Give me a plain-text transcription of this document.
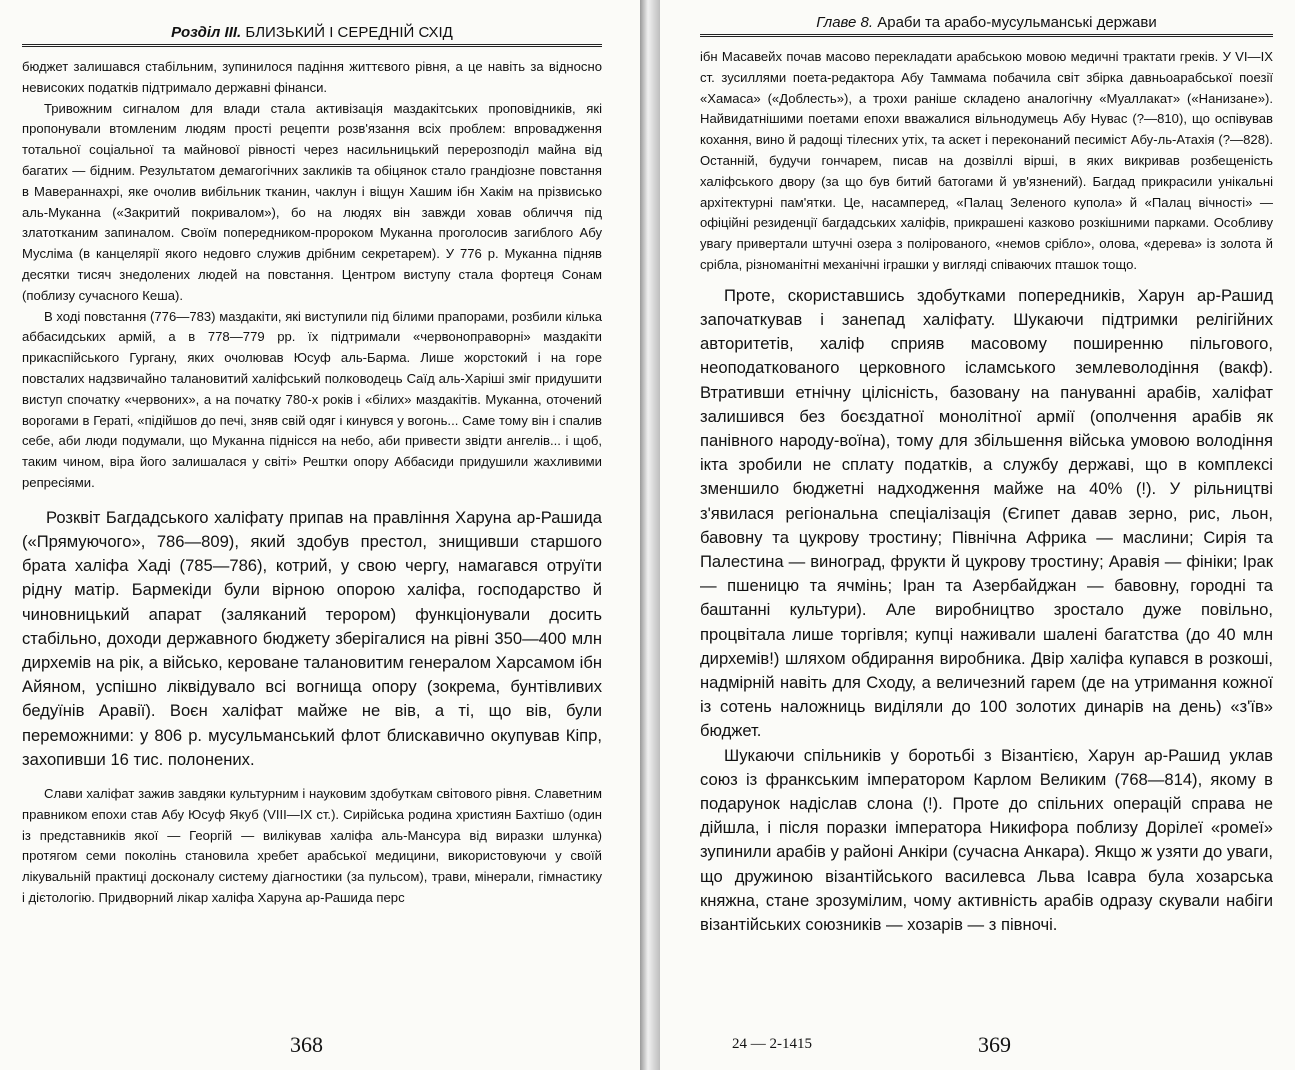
Розділ III. БЛИЗЬКИЙ І СЕРЕДНІЙ СХІД

бюджет залишався стабільним, зупинилося падіння життєвого рівня, а це навіть за відносно невисоких податків підтримало державні фінанси.

Тривожним сигналом для влади стала активізація маздакітських проповідників, які пропонували втомленим людям прості рецепти розв'язання всіх проблем: впровадження тотальної соціальної та майнової рівності через насильницький перерозподіл майна від багатих — бідним. Результатом демагогічних закликів та обіцянок стало грандіозне повстання в Мавераннахрі, яке очолив вибільник тканин, чаклун і віщун Хашим ібн Хакім на прізвисько аль-Муканна («Закритий покривалом»), бо на людях він завжди ховав обличчя під златотканим запиналом. Своїм попередником-пророком Муканна проголосив загиблого Абу Мусліма (в канцелярії якого недовго служив дрібним секретарем). У 776 р. Муканна підняв десятки тисяч знедолених людей на повстання. Центром виступу стала фортеця Сонам (поблизу сучасного Кеша).

В ході повстання (776—783) маздакіти, які виступили під білими прапорами, розбили кілька аббасидських армій, а в 778—779 рр. їх підтримали «червоноправорні» маздакіти прикаспійського Гургану, яких очолював Юсуф аль-Барма. Лише жорстокий і на горе повсталих надзвичайно талановитий халіфський полководець Саїд аль-Харіші зміг придушити виступ спочатку «червоних», а на початку 780-х років і «білих» маздакітів. Муканна, оточений ворогами в Гераті, «підійшов до печі, зняв свій одяг і кинувся у вогонь... Саме тому він і спалив себе, аби люди подумали, що Муканна піднісся на небо, аби привести звідти ангелів... і щоб, таким чином, віра його залишалася у світі» Рештки опору Аббасиди придушили жахливими репресіями.

Розквіт Багдадського халіфату припав на правління Харуна ар-Рашида («Прямуючого», 786—809), який здобув престол, знищивши старшого брата халіфа Хаді (785—786), котрий, у свою чергу, намагався отруїти рідну матір. Бармекіди були вірною опорою халіфа, господарство й чиновницький апарат (заляканий терором) функціонували досить стабільно, доходи державного бюджету зберігалися на рівні 350—400 млн дирхемів на рік, а військо, кероване талановитим генералом Харсамом ібн Айяном, успішно ліквідувало всі вогнища опору (зокрема, бунтівливих бедуїнів Аравії). Воєн халіфат майже не вів, а ті, що вів, були переможними: у 806 р. мусульманський флот блискавично окупував Кіпр, захопивши 16 тис. полонених.

Слави халіфат зажив завдяки культурним і науковим здобуткам світового рівня. Славетним правником епохи став Абу Юсуф Якуб (VIII—IX ст.). Сирійська родина християн Бахтішо (один із представників якої — Георгій — вилікував халіфа аль-Мансура від виразки шлунка) протягом семи поколінь становила хребет арабської медицини, використовуючи у своїй лікувальній практиці досконалу систему діагностики (за пульсом), трави, мінерали, гімнастику і дієтологію. Придворний лікар халіфа Харуна ар-Рашида перс

368
Главе 8. Араби та арабо-мусульманські держави

ібн Масавейх почав масово перекладати арабською мовою медичні трактати греків. У VI—IX ст. зусиллями поета-редактора Абу Таммама побачила світ збірка давньоарабської поезії «Хамаса» («Доблесть»), а трохи раніше складено аналогічну «Муаллакат» («Нанизане»). Найвидатнішими поетами епохи вважалися вільнодумець Абу Нувас (?—810), що оспівував кохання, вино й радощі тілесних утіх, та аскет і переконаний песиміст Абу-ль-Атахія (?—828). Останній, будучи гончарем, писав на дозвіллі вірші, в яких викривав розбещеність халіфського двору (за що був битий батогами й ув'язнений). Багдад прикрасили унікальні архітектурні пам'ятки. Це, насамперед, «Палац Зеленого купола» й «Палац вічності» — офіційні резиденції багдадських халіфів, прикрашені казково розкішними парками. Особливу увагу привертали штучні озера з полірованого, «немов срібло», олова, «дерева» із золота й срібла, різноманітні механічні іграшки у вигляді співаючих пташок тощо.

Проте, скориставшись здобутками попередників, Харун ар-Рашид започаткував і занепад халіфату. Шукаючи підтримки релігійних авторитетів, халіф сприяв масовому поширенню пільгового, неоподаткованого церковного ісламського землеволодіння (вакф). Втративши етнічну цілісність, базовану на пануванні арабів, халіфат залишився без боєздатної монолітної армії (ополчення арабів як панівного народу-воїна), тому для збільшення війська умовою володіння ікта зробили не сплату податків, а службу державі, що в комплексі зменшило бюджетні надходження майже на 40% (!). У рільництві з'явилася регіональна спеціалізація (Єгипет давав зерно, рис, льон, бавовну та цукрову тростину; Північна Африка — маслини; Сирія та Палестина — виноград, фрукти й цукрову тростину; Аравія — фініки; Ірак — пшеницю та ячмінь; Іран та Азербайджан — бавовну, городні та баштанні культури). Але виробництво зростало дуже повільно, процвітала лише торгівля; купці наживали шалені багатства (до 40 млн дирхемів!) шляхом обдирання виробника. Двір халіфа купався в розкоші, надмірній навіть для Сходу, а величезний гарем (де на утримання кожної із сотень наложниць виділяли до 100 золотих динарів на день) «з'їв» бюджет.

Шукаючи спільників у боротьбі з Візантією, Харун ар-Рашид уклав союз із франкським імператором Карлом Великим (768—814), якому в подарунок надіслав слона (!). Проте до спільних операцій справа не дійшла, і після поразки імператора Никифора поблизу Дорілеї «ромеї» зупинили арабів у районі Анкіри (сучасна Анкара). Якщо ж узяти до уваги, що дружиною візантійського василевса Льва Ісавра була хозарська княжна, стане зрозумілим, чому активність арабів одразу скували набіги візантійських союзників — хозарів — з півночі.

24 — 2-1415	369
